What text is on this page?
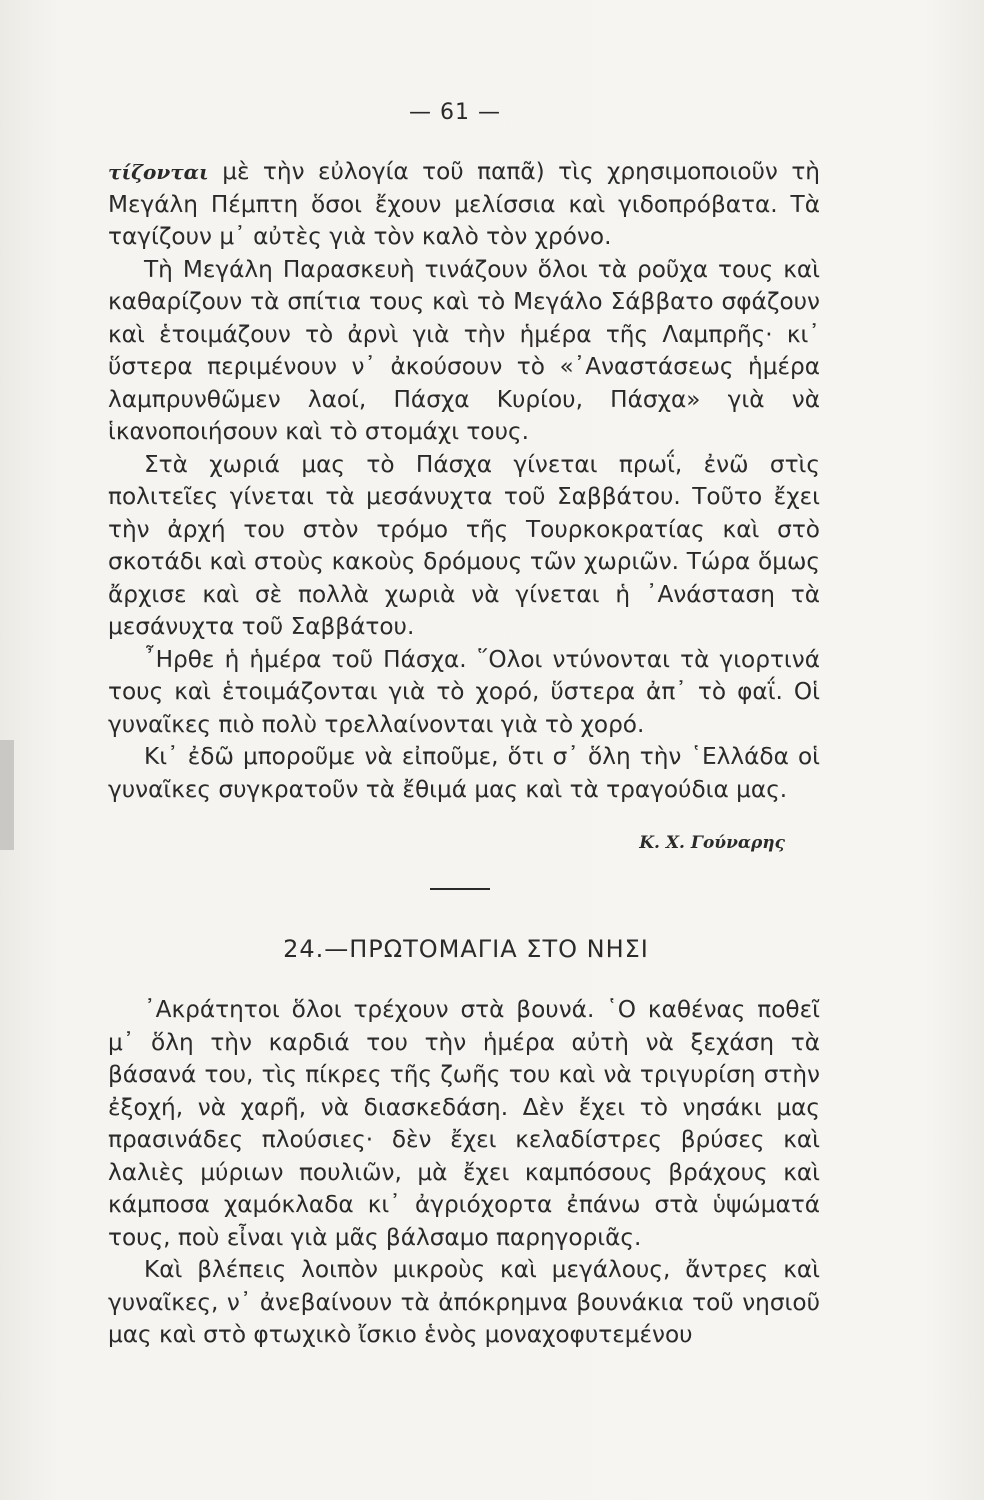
— 61 —

τίζονται μὲ τὴν εὐλογία τοῦ παπᾶ) τὶς χρησιμοποιοῦν τὴ Μεγάλη Πέμπτη ὅσοι ἔχουν μελίσσια καὶ γιδοπρόβατα. Τὰ ταγίζουν μ᾽ αὐτὲς γιὰ τὸν καλὸ τὸν χρόνο.

Τὴ Μεγάλη Παρασκευὴ τινάζουν ὅλοι τὰ ροῦχα τους καὶ καθαρίζουν τὰ σπίτια τους καὶ τὸ Μεγάλο Σάββατο σφάζουν καὶ ἑτοιμάζουν τὸ ἀρνὶ γιὰ τὴν ἡμέρα τῆς Λαμπρῆς· κι᾽ ὕστερα περιμένουν ν᾽ ἀκούσουν τὸ «᾽Αναστάσεως ἡμέρα λαμπρυνθῶμεν λαοί, Πάσχα Κυρίου, Πάσχα» γιὰ νὰ ἱκανοποιήσουν καὶ τὸ στομάχι τους.

Στὰ χωριά μας τὸ Πάσχα γίνεται πρωΐ, ἐνῶ στὶς πολιτεῖες γίνεται τὰ μεσάνυχτα τοῦ Σαββάτου. Τοῦτο ἔχει τὴν ἀρχή του στὸν τρόμο τῆς Τουρκοκρατίας καὶ στὸ σκοτάδι καὶ στοὺς κακοὺς δρόμους τῶν χωριῶν. Τώρα ὅμως ἄρχισε καὶ σὲ πολλὰ χωριὰ νὰ γίνεται ἡ ᾽Ανάσταση τὰ μεσάνυχτα τοῦ Σαββάτου.

῏Ηρθε ἡ ἡμέρα τοῦ Πάσχα. ῞Ολοι ντύνονται τὰ γιορτινά τους καὶ ἑτοιμάζονται γιὰ τὸ χορό, ὕστερα ἀπ᾽ τὸ φαΐ. Οἱ γυναῖκες πιὸ πολὺ τρελλαίνονται γιὰ τὸ χορό.

Κι᾽ ἐδῶ μποροῦμε νὰ εἰποῦμε, ὅτι σ᾽ ὅλη τὴν ῾Ελλάδα οἱ γυναῖκες συγκρατοῦν τὰ ἔθιμά μας καὶ τὰ τραγούδια μας.

Κ. Χ. Γούναρης
24.—ΠΡΩΤΟΜΑΓΙΑ ΣΤΟ ΝΗΣΙ

᾽Ακράτητοι ὅλοι τρέχουν στὰ βουνά. ῾Ο καθένας ποθεῖ μ᾽ ὅλη τὴν καρδιά του τὴν ἡμέρα αὐτὴ νὰ ξεχάση τὰ βάσανά του, τὶς πίκρες τῆς ζωῆς του καὶ νὰ τριγυρίση στὴν ἐξοχή, νὰ χαρῆ, νὰ διασκεδάση. Δὲν ἔχει τὸ νησάκι μας πρασινάδες πλούσιες· δὲν ἔχει κελαδίστρες βρύσες καὶ λαλιὲς μύριων πουλιῶν, μὰ ἔχει καμπόσους βράχους καὶ κάμποσα χαμόκλαδα κι᾽ ἀγριόχορτα ἐπάνω στὰ ὑψώματά τους, ποὺ εἶναι γιὰ μᾶς βάλσαμο παρηγοριᾶς.

Καὶ βλέπεις λοιπὸν μικροὺς καὶ μεγάλους, ἄντρες καὶ γυναῖκες, ν᾽ ἀνεβαίνουν τὰ ἀπόκρημνα βουνάκια τοῦ νησιοῦ μας καὶ στὸ φτωχικὸ ἴσκιο ἑνὸς μοναχοφυτεμένου
